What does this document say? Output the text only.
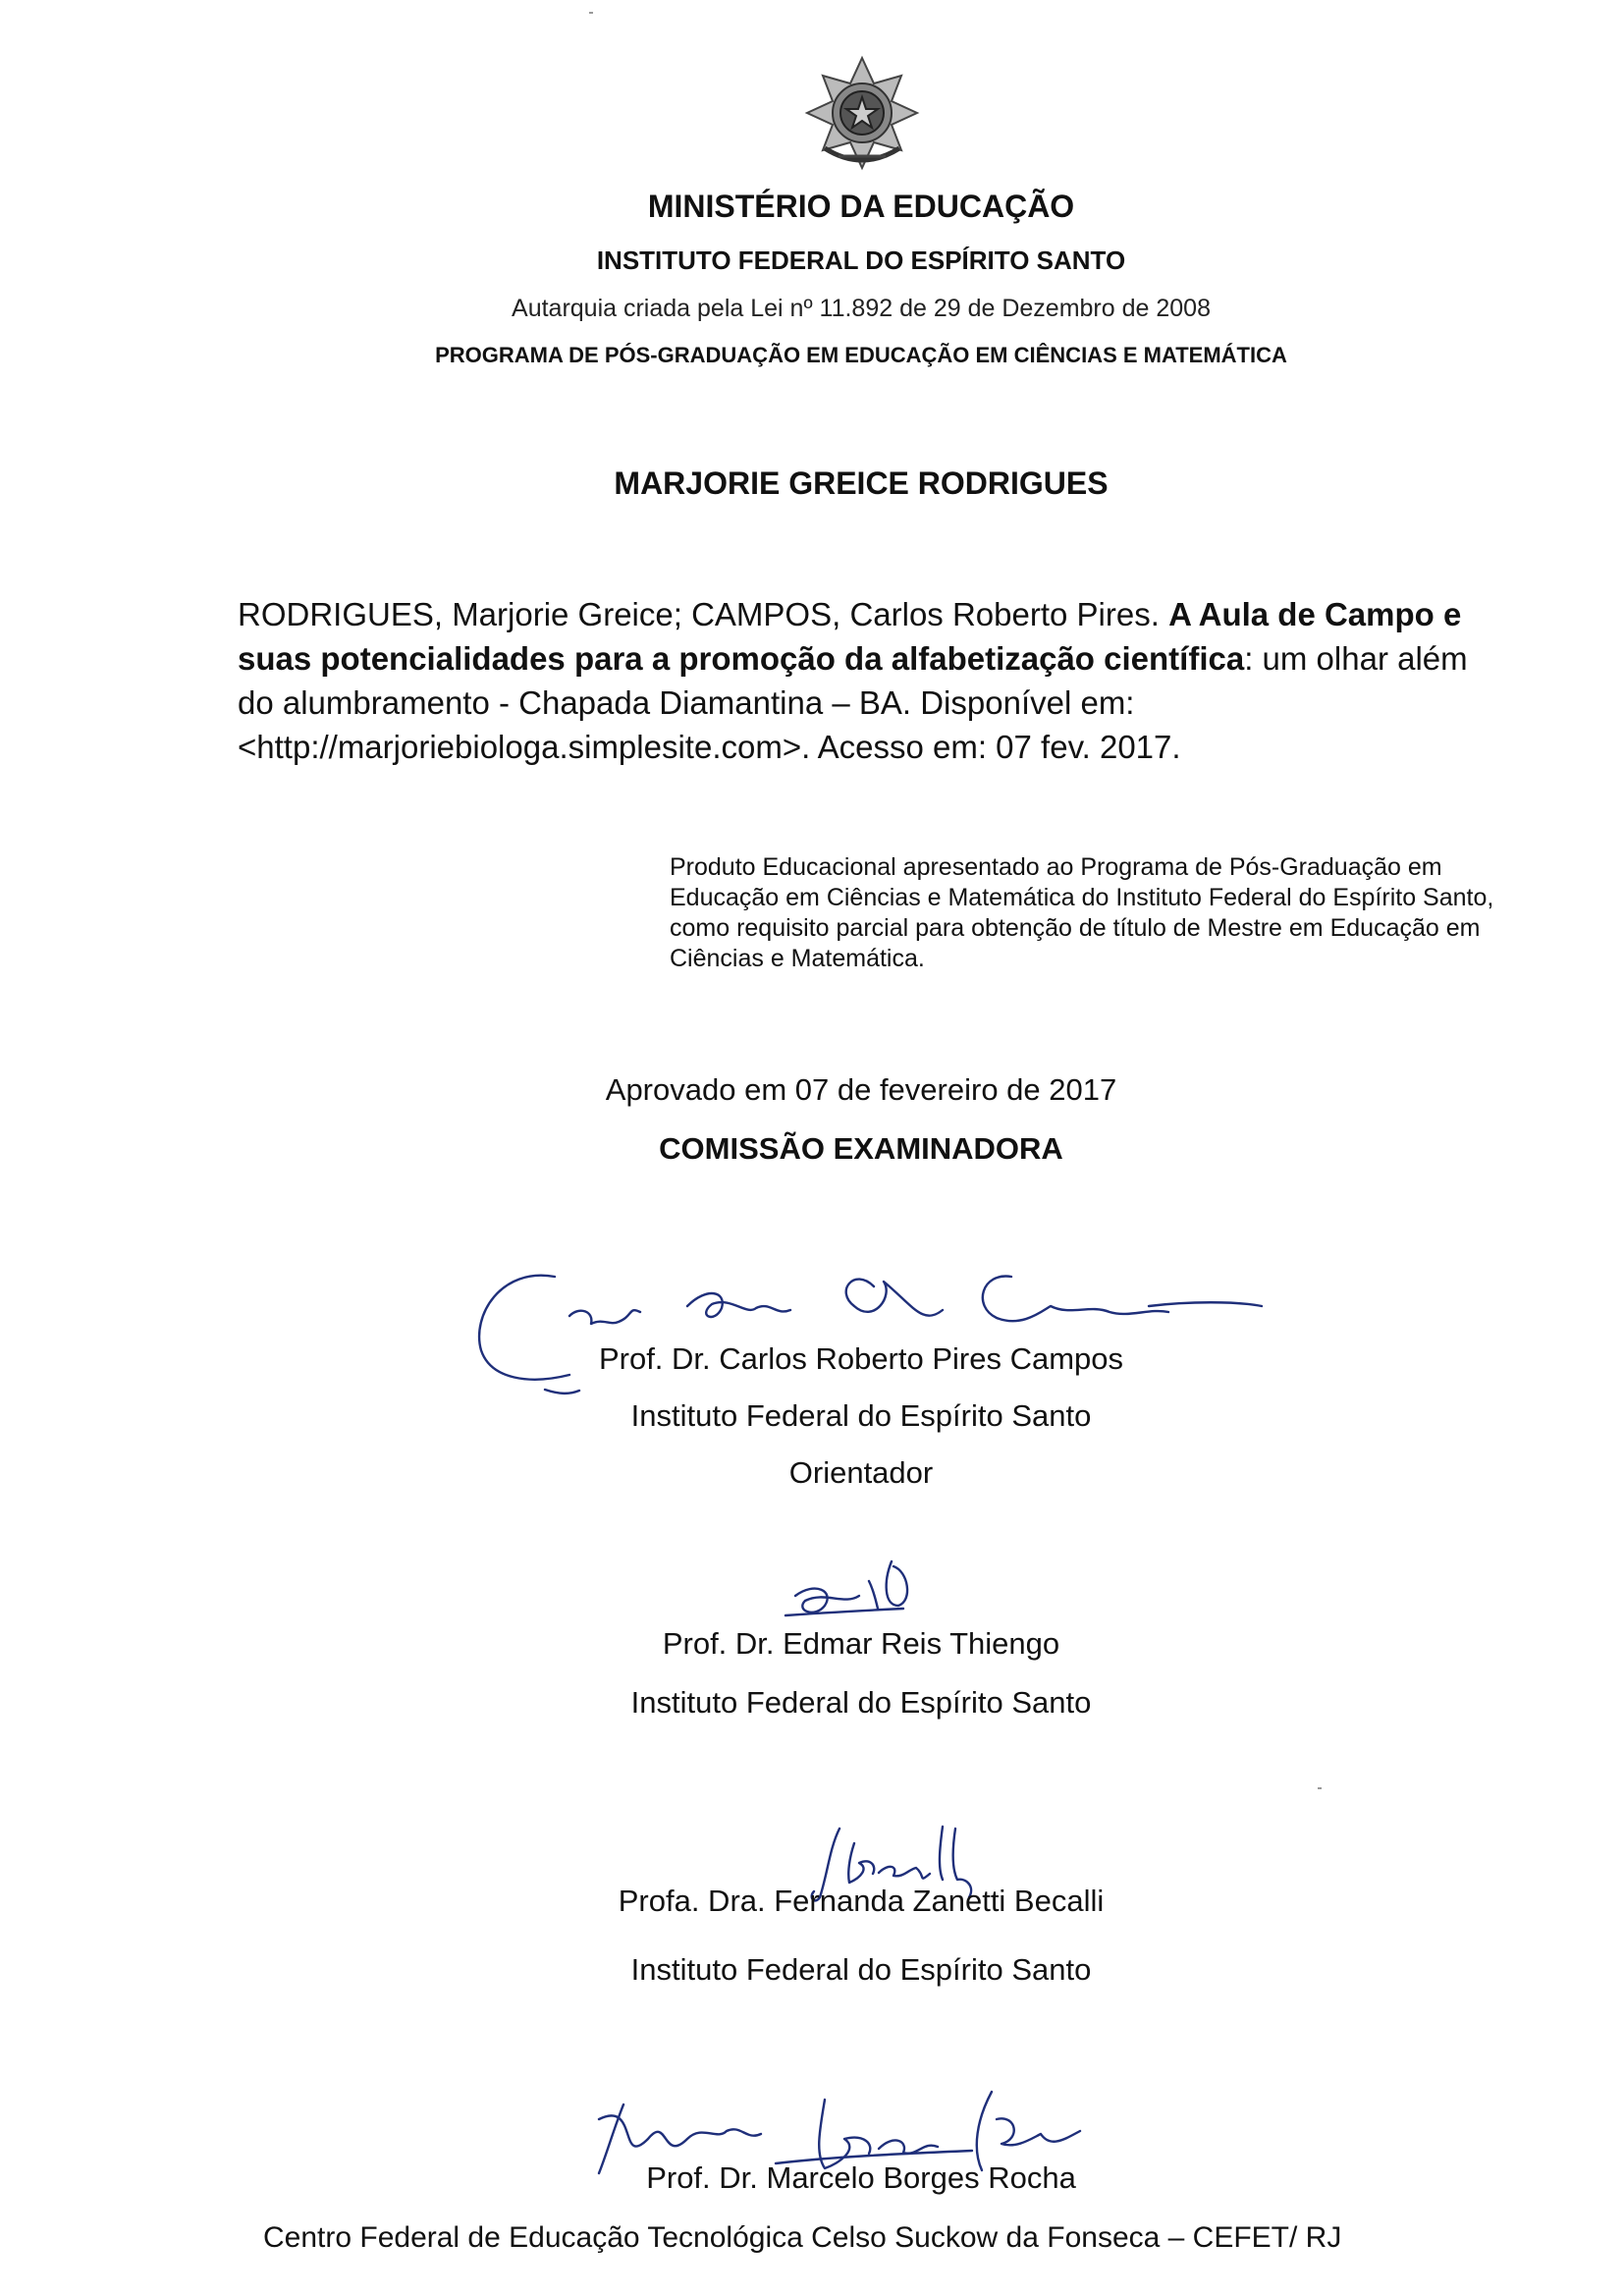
MINISTÉRIO DA EDUCAÇÃO
INSTITUTO FEDERAL DO ESPÍRITO SANTO
Autarquia criada pela Lei nº 11.892 de 29 de Dezembro de 2008
PROGRAMA DE PÓS-GRADUAÇÃO EM EDUCAÇÃO EM CIÊNCIAS E MATEMÁTICA
MARJORIE GREICE RODRIGUES
RODRIGUES, Marjorie Greice; CAMPOS, Carlos Roberto Pires. A Aula de Campo e suas potencialidades para a promoção da alfabetização científica: um olhar além do alumbramento - Chapada Diamantina – BA. Disponível em: <http://marjoriebiologa.simplesite.com>. Acesso em: 07 fev. 2017.
Produto Educacional apresentado ao Programa de Pós-Graduação em Educação em Ciências e Matemática do Instituto Federal do Espírito Santo, como requisito parcial para obtenção de título de Mestre em Educação em Ciências e Matemática.
Aprovado em 07 de fevereiro de 2017
COMISSÃO EXAMINADORA
Prof. Dr. Carlos Roberto Pires Campos
Instituto Federal do Espírito Santo
Orientador
Prof. Dr. Edmar Reis Thiengo
Instituto Federal do Espírito Santo
Profa. Dra. Fernanda Zanetti Becalli
Instituto Federal do Espírito Santo
Prof. Dr. Marcelo Borges Rocha
Centro Federal de Educação Tecnológica Celso Suckow da Fonseca – CEFET/ RJ
